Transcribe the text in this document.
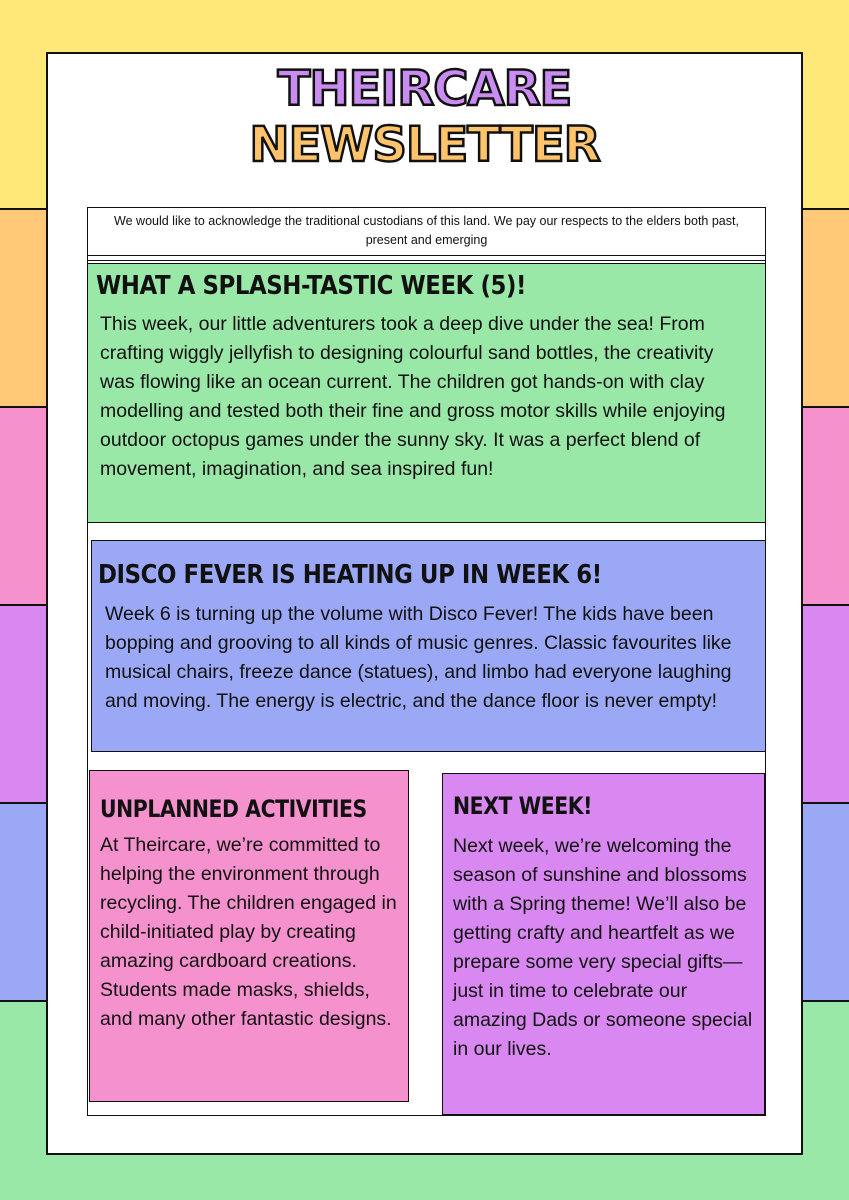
THEIRCARE
NEWSLETTER
We would like to acknowledge the traditional custodians of this land. We pay our respects to the elders both past, present and emerging
WHAT A SPLASH-TASTIC WEEK (5)!
This week, our little adventurers took a deep dive under the sea! From crafting wiggly jellyfish to designing colourful sand bottles, the creativity was flowing like an ocean current. The children got hands-on with clay modelling and tested both their fine and gross motor skills while enjoying outdoor octopus games under the sunny sky. It was a perfect blend of movement, imagination, and sea inspired fun!
DISCO FEVER IS HEATING UP IN WEEK 6!
Week 6 is turning up the volume with Disco Fever! The kids have been bopping and grooving to all kinds of music genres. Classic favourites like musical chairs, freeze dance (statues), and limbo had everyone laughing and moving. The energy is electric, and the dance floor is never empty!
UNPLANNED ACTIVITIES
At Theircare, we’re committed to helping the environment through recycling. The children engaged in child-initiated play by creating amazing cardboard creations. Students made masks, shields, and many other fantastic designs.
NEXT WEEK!
Next week, we’re welcoming the season of sunshine and blossoms with a Spring theme! We’ll also be getting crafty and heartfelt as we prepare some very special gifts—just in time to celebrate our amazing Dads or someone special in our lives.
